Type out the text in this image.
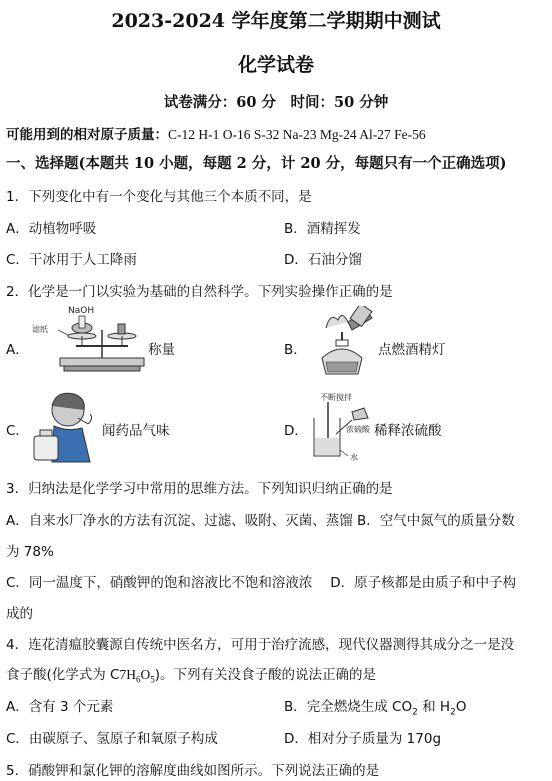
2023-2024 学年度第二学期期中测试
化学试卷
试卷满分：60 分　时间：50 分钟
可能用到的相对原子质量：C-12 H-1 O-16 S-32 Na-23 Mg-24 Al-27 Fe-56
一、选择题(本题共 10 小题，每题 2 分，计 20 分，每题只有一个正确选项)
1．下列变化中有一个变化与其他三个本质不同，是
A．动植物呼吸	B．酒精挥发
C．干冰用于人工降雨	D．石油分馏
2．化学是一门以实验为基础的自然科学。下列实验操作正确的是
A．
NaOH
滤纸
称量	B．	点燃酒精灯
C．	闻药品气味	D．
不断搅拌
浓硫酸
水
稀释浓硫酸
3．归纳法是化学学习中常用的思维方法。下列知识归纳正确的是
A．自来水厂净水的方法有沉淀、过滤、吸附、灭菌、蒸馏 B．空气中氮气的质量分数
为 78%
C．同一温度下，硝酸钾的饱和溶液比不饱和溶液浓　 D．原子核都是由质子和中子构
成的
4．连花清瘟胶囊源自传统中医名方，可用于治疗流感，现代仪器测得其成分之一是没
食子酸(化学式为 $C7H_6O_5$)。下列有关没食子酸的说法正确的是
A．含有 3 个元素	B．完全燃烧生成 $CO_2$ 和 $H_2O$
C．由碳原子、氢原子和氧原子构成	D．相对分子质量为 170g
5．硝酸钾和氯化钾的溶解度曲线如图所示。下列说法正确的是
